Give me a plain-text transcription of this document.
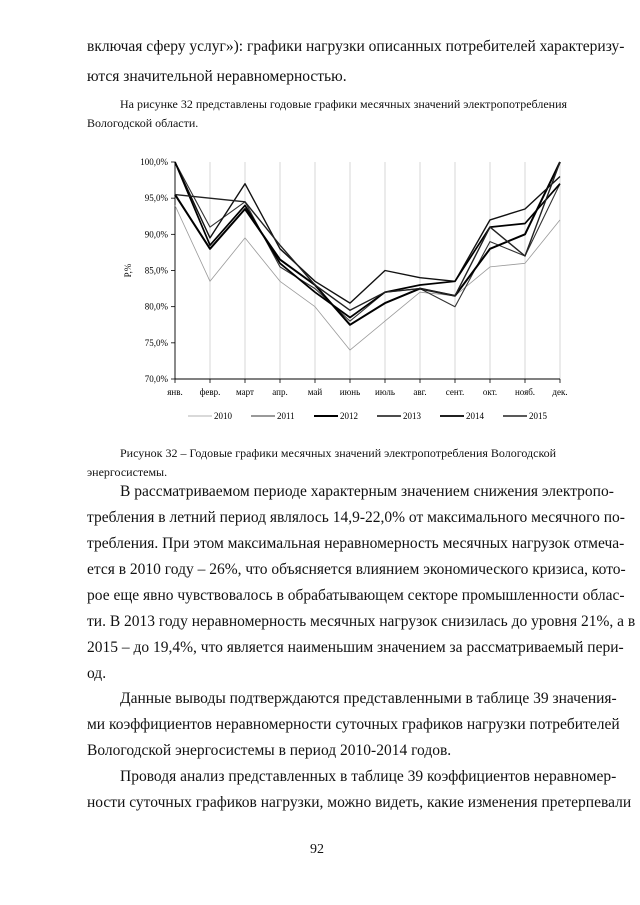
включая сферу услуг»): графики нагрузки описанных потребителей характеризу-
ются значительной неравномерностью.
На рисунке 32 представлены годовые графики месячных значений электропотребления
Вологодской области.
100,0%
95,0%
90,0%
85,0%
80,0%
75,0%
70,0%
янв. февр. март апр. май июнь июль авг. сент. окт. нояб. дек.
P,%
2010	2011	2012	2013	2014	2015
Рисунок 32 – Годовые графики месячных значений электропотребления Вологодской
энергосистемы.
В рассматриваемом периоде характерным значением снижения электропо-
требления в летний период являлось 14,9-22,0% от максимального месячного по-
требления. При этом максимальная неравномерность месячных нагрузок отмеча-
ется в 2010 году – 26%, что объясняется влиянием экономического кризиса, кото-
рое еще явно чувствовалось в обрабатывающем секторе промышленности облас-
ти. В 2013 году неравномерность месячных нагрузок снизилась до уровня 21%, а в
2015 – до 19,4%, что является наименьшим значением за рассматриваемый пери-
од.
Данные выводы подтверждаются представленными в таблице 39 значения-
ми коэффициентов неравномерности суточных графиков нагрузки потребителей
Вологодской энергосистемы в период 2010-2014 годов.
Проводя анализ представленных в таблице 39 коэффициентов неравномер-
ности суточных графиков нагрузки, можно видеть, какие изменения претерпевали
92
